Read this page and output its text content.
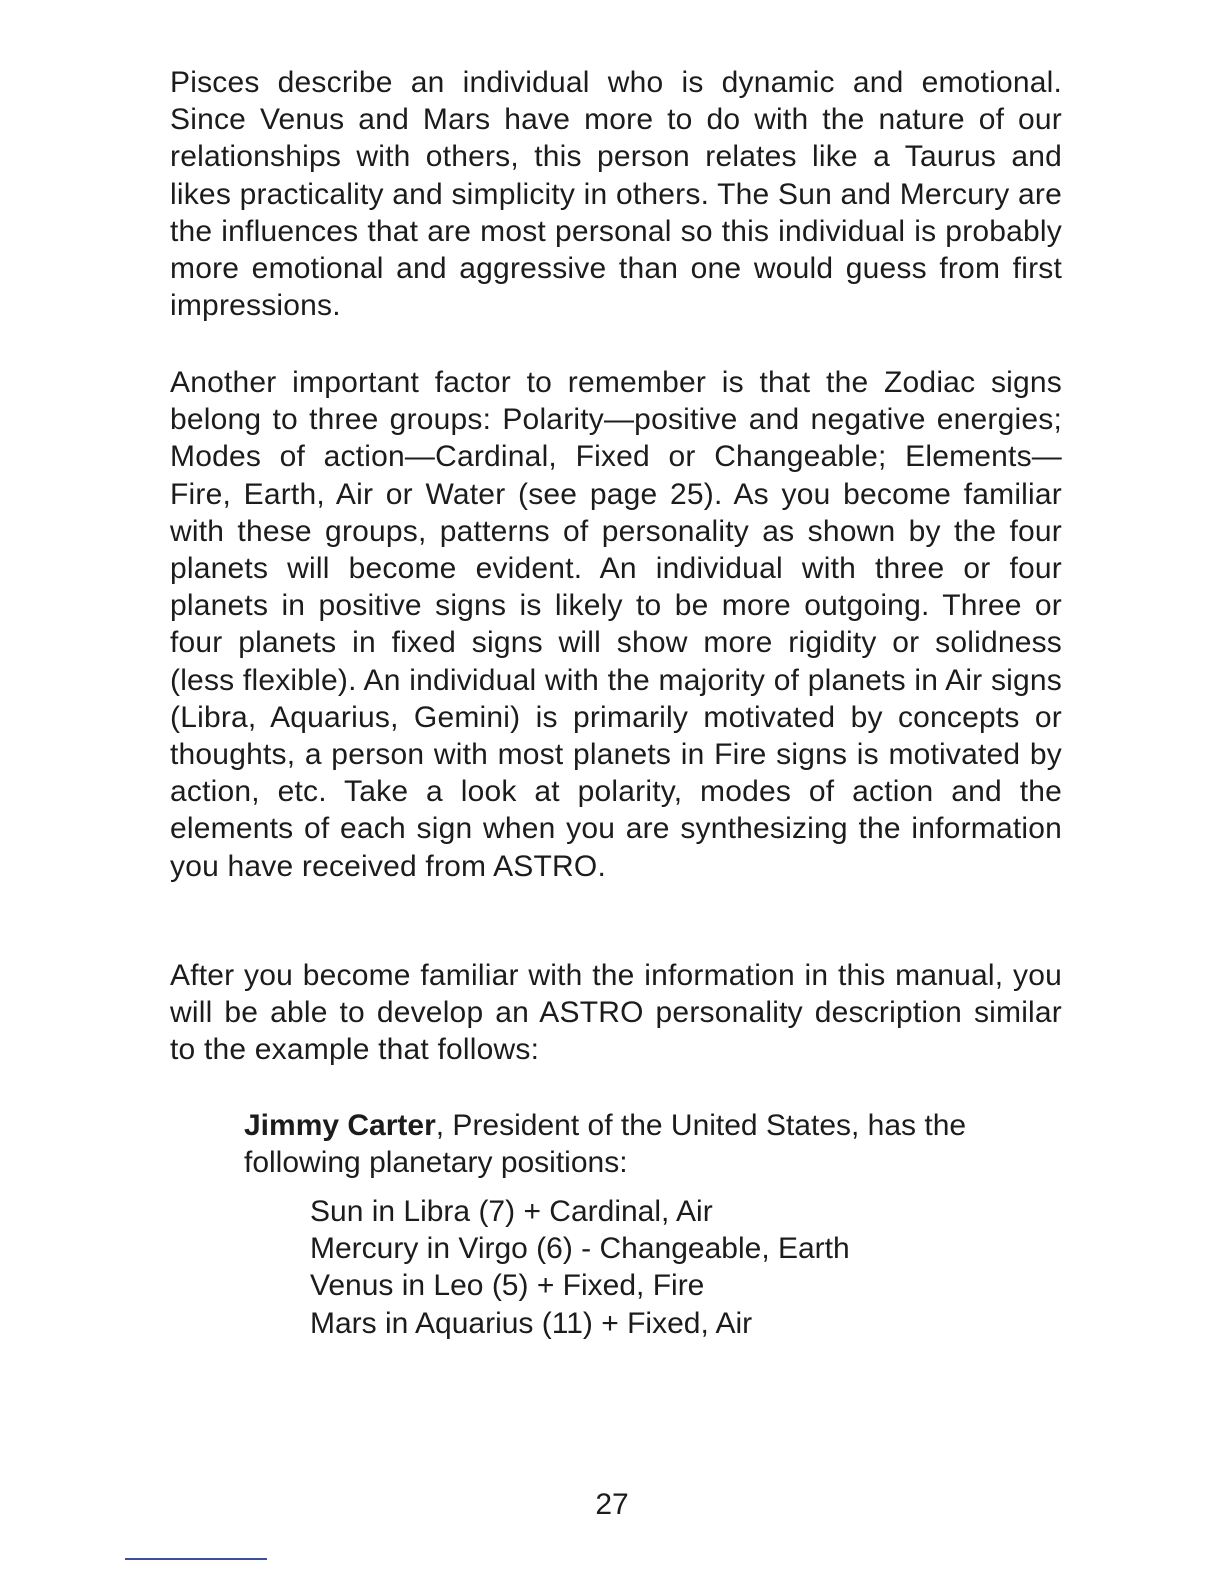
Pisces describe an individual who is dynamic and emotional. Since Venus and Mars have more to do with the nature of our relationships with others, this person relates like a Taurus and likes practicality and simplicity in others. The Sun and Mercury are the influences that are most personal so this individual is probably more emotional and aggressive than one would guess from first impressions.

Another important factor to remember is that the Zodiac signs belong to three groups: Polarity—positive and negative energies; Modes of action—Cardinal, Fixed or Changeable; Elements—Fire, Earth, Air or Water (see page 25). As you become familiar with these groups, patterns of personality as shown by the four planets will become evident. An individual with three or four planets in positive signs is likely to be more outgoing. Three or four planets in fixed signs will show more rigidity or solidness (less flexible). An individual with the majority of planets in Air signs (Libra, Aquarius, Gemini) is primarily motivated by concepts or thoughts, a person with most planets in Fire signs is motivated by action, etc. Take a look at polarity, modes of action and the elements of each sign when you are synthesizing the information you have received from ASTRO.

After you become familiar with the information in this manual, you will be able to develop an ASTRO personality description similar to the example that follows:

Jimmy Carter, President of the United States, has the following planetary positions:

Sun in Libra (7) + Cardinal, Air
Mercury in Virgo (6) - Changeable, Earth
Venus in Leo (5) + Fixed, Fire
Mars in Aquarius (11) + Fixed, Air
27
